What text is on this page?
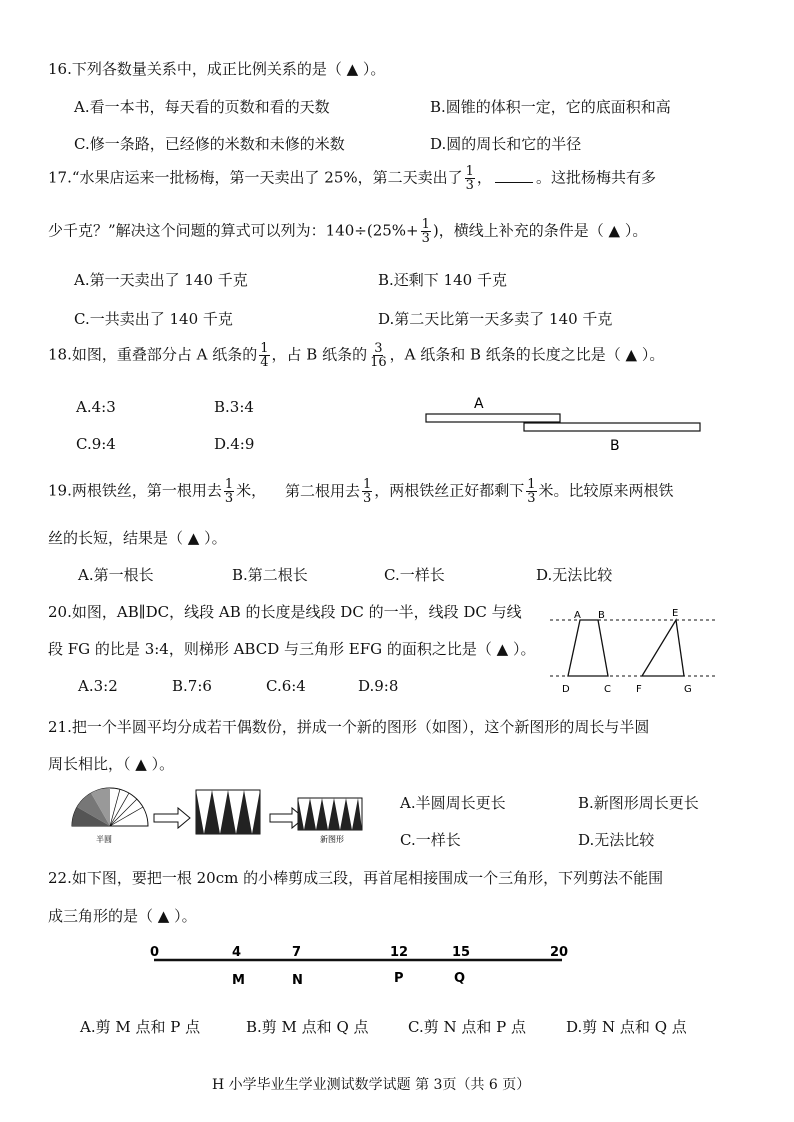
16.下列各数量关系中，成正比例关系的是（ ▲ ）。
A.看一本书，每天看的页数和看的天数	B.圆锥的体积一定，它的底面积和高
C.修一条路，已经修的米数和未修的米数	D.圆的周长和它的半径
17.“水果店运来一批杨梅，第一天卖出了 25%，第二天卖出了 $\frac{1}{3}$ ，	。这批杨梅共有多
少千克？”解决这个问题的算式可以列为：$140\div(25\%+ \frac{1}{3}$ )，横线上补充的条件是（ ▲ ）。
A.第一天卖出了 140 千克	B.还剩下 140 千克
C.一共卖出了 140 千克	D.第二天比第一天多卖了 140 千克
18.如图，重叠部分占 A 纸条的 $\frac{1}{4}$ ，占 B 纸条的 $\frac{3}{16}$ ，A 纸条和 B 纸条的长度之比是（ ▲ ）。
A.4:3	B.3:4
C.9:4	D.4:9
A
B
19.两根铁丝，第一根用去 $\frac{1}{3}$ 米， 第二根用去 $\frac{1}{3}$ ，两根铁丝正好都剩下 $\frac{1}{3}$ 米。比较原来两根铁
丝的长短，结果是（ ▲ ）。
A.第一根长	B.第二根长	C.一样长	D.无法比较
20.如图，AB∥DC，线段 AB 的长度是线段 DC 的一半，线段 DC 与线
段 FG 的比是 3:4，则梯形 ABCD 与三角形 EFG 的面积之比是（ ▲ ）。
A.3:2	B.7:6	C.6:4	D.9:8
A B
C
D
E
F	G
21.把一个半圆平均分成若干偶数份，拼成一个新的图形（如图），这个新图形的周长与半圆
周长相比，（ ▲ ）。
半圆	新图形
A.半圆周长更长	B.新图形周长更长
C.一样长	D.无法比较
22.如下图，要把一根 20cm 的小棒剪成三段，再首尾相接围成一个三角形，下列剪法不能围
成三角形的是（ ▲ ）。
0	4	7	12	15	20
M	N	P	Q
A.剪 M 点和 P 点	B.剪 M 点和 Q 点	C.剪 N 点和 P 点	D.剪 N 点和 Q 点
H 小学毕业生学业测试数学试题 第 3页（共 6 页）
